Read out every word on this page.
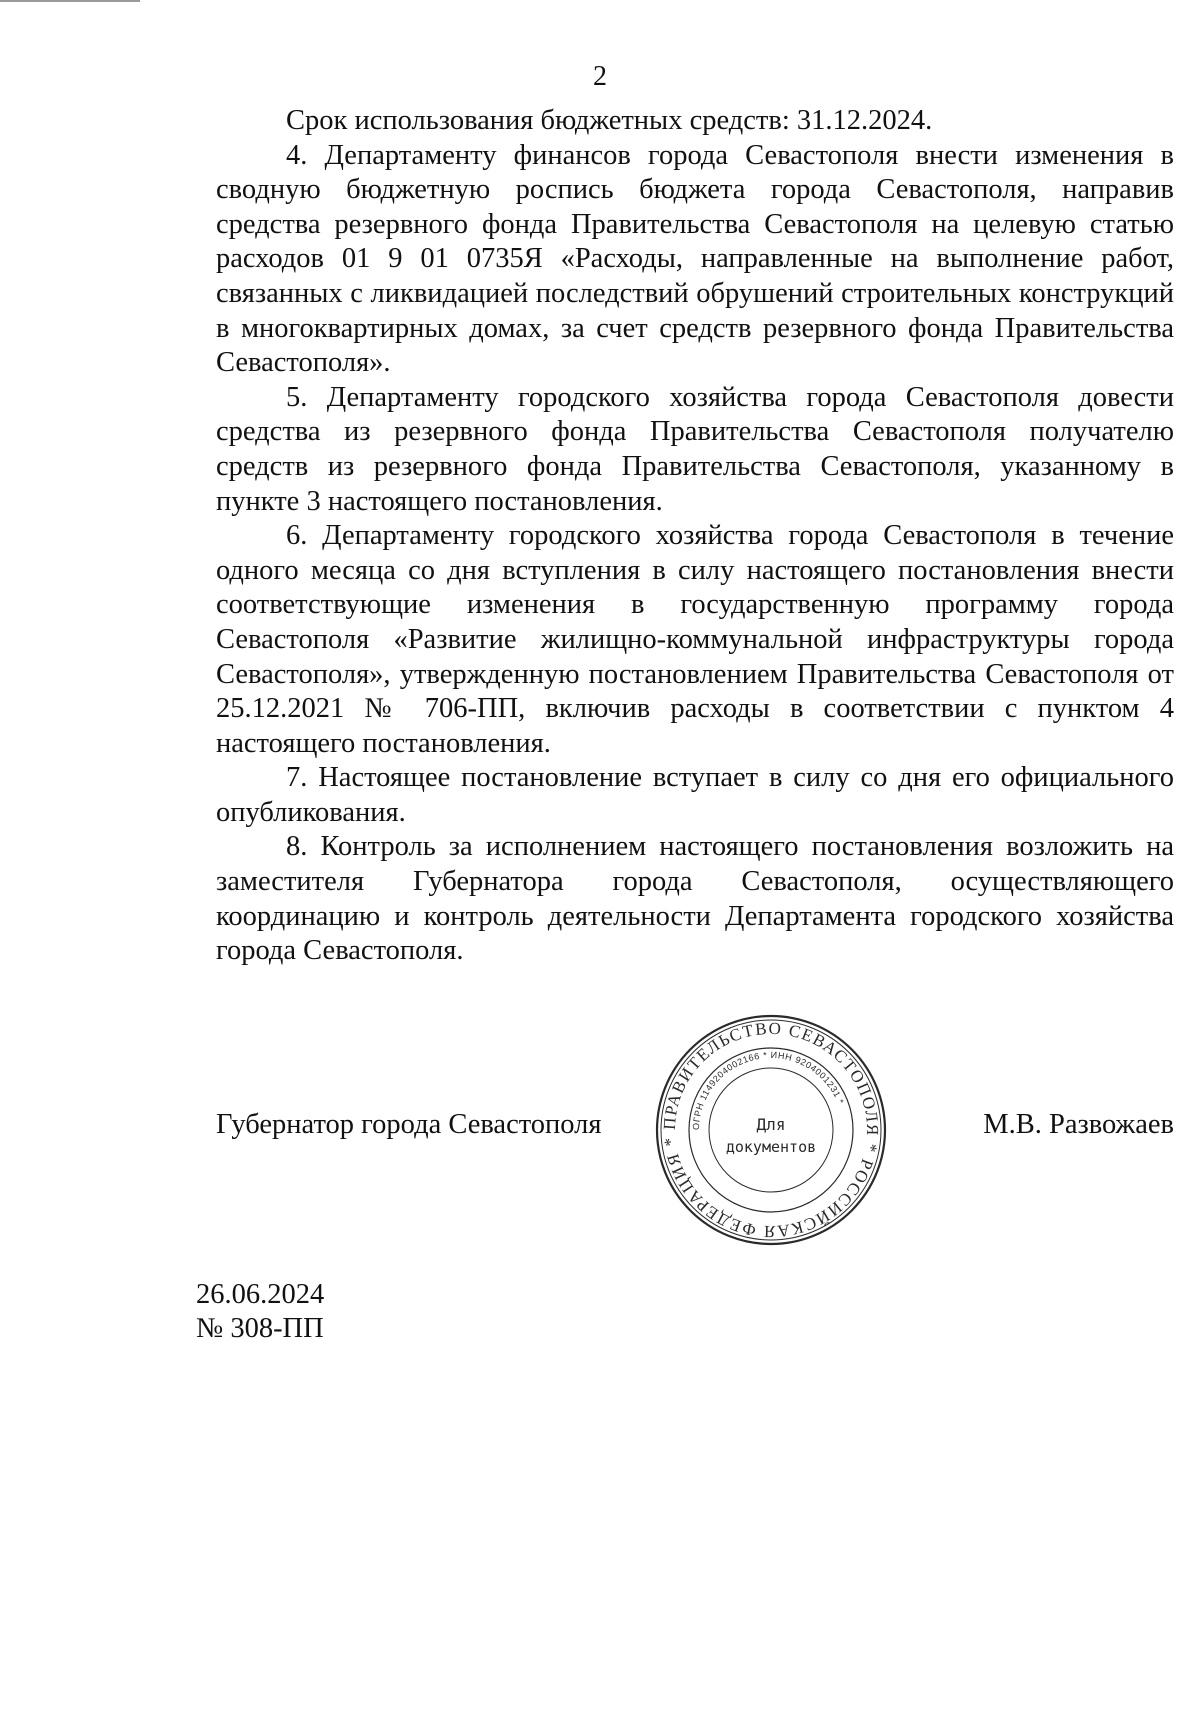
2

Срок использования бюджетных средств: 31.12.2024.

4. Департаменту финансов города Севастополя внести изменения в сводную бюджетную роспись бюджета города Севастополя, направив средства резервного фонда Правительства Севастополя на целевую статью расходов 01 9 01 0735Я «Расходы, направленные на выполнение работ, связанных с ликвидацией последствий обрушений строительных конструкций в многоквартирных домах, за счет средств резервного фонда Правительства Севастополя».

5. Департаменту городского хозяйства города Севастополя довести средства из резервного фонда Правительства Севастополя получателю средств из резервного фонда Правительства Севастополя, указанному в пункте 3 настоящего постановления.

6. Департаменту городского хозяйства города Севастополя в течение одного месяца со дня вступления в силу настоящего постановления внести соответствующие изменения в государственную программу города Севастополя «Развитие жилищно-коммунальной инфраструктуры города Севастополя», утвержденную постановлением Правительства Севастополя от 25.12.2021 № 706-ПП, включив расходы в соответствии с пунктом 4 настоящего постановления.

7. Настоящее постановление вступает в силу со дня его официального опубликования.

8. Контроль за исполнением настоящего постановления возложить на заместителя Губернатора города Севастополя, осуществляющего координацию и контроль деятельности Департамента городского хозяйства города Севастополя.

Губернатор города Севастополя	М.В. Развожаев
ПРАВИТЕЛЬСТВО СЕВАСТОПОЛЯ * РОССИЙСКАЯ ФЕДЕРАЦИЯ *
ОГРН 1149204002166 * ИНН 9204001231 *
Для
документов
26.06.2024
№ 308-ПП
